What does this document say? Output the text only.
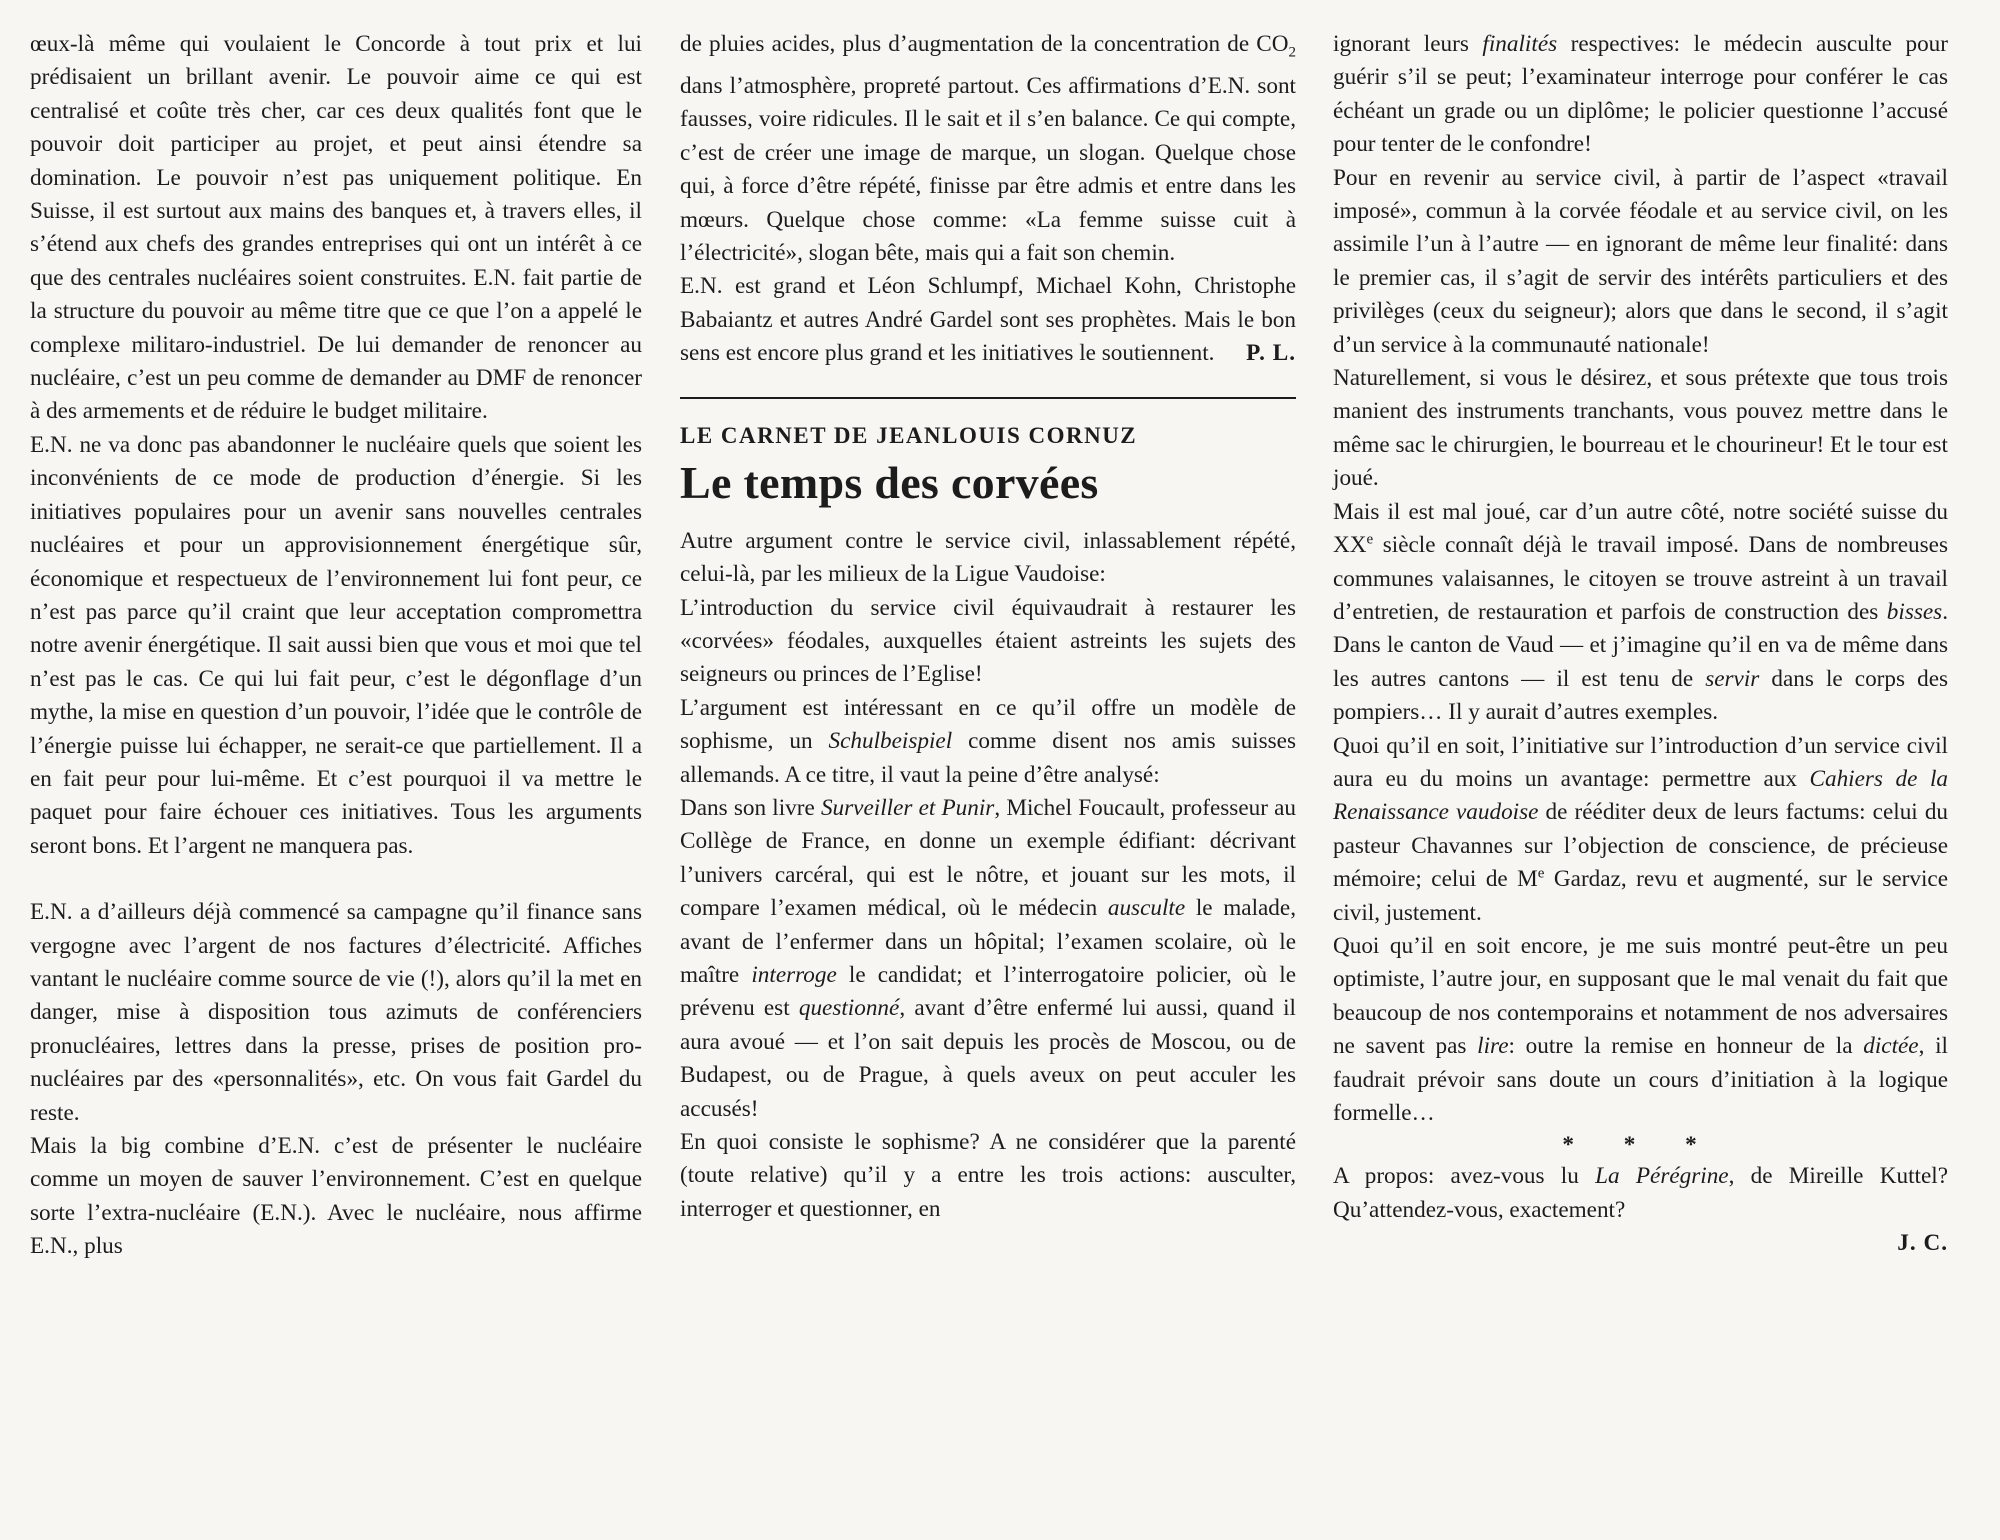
œux-là même qui voulaient le Concorde à tout prix et lui prédisaient un brillant avenir. Le pouvoir aime ce qui est centralisé et coûte très cher, car ces deux qualités font que le pouvoir doit participer au projet, et peut ainsi étendre sa domination. Le pouvoir n’est pas uniquement politique. En Suisse, il est surtout aux mains des banques et, à travers elles, il s’étend aux chefs des grandes entreprises qui ont un intérêt à ce que des centrales nucléaires soient construites. E.N. fait partie de la structure du pouvoir au même titre que ce que l’on a appelé le complexe militaro-industriel. De lui demander de renoncer au nucléaire, c’est un peu comme de demander au DMF de renoncer à des armements et de réduire le budget militaire.

E.N. ne va donc pas abandonner le nucléaire quels que soient les inconvénients de ce mode de production d’énergie. Si les initiatives populaires pour un avenir sans nouvelles centrales nucléaires et pour un approvisionnement énergétique sûr, économique et respectueux de l’environnement lui font peur, ce n’est pas parce qu’il craint que leur acceptation compromettra notre avenir énergétique. Il sait aussi bien que vous et moi que tel n’est pas le cas. Ce qui lui fait peur, c’est le dégonflage d’un mythe, la mise en question d’un pouvoir, l’idée que le contrôle de l’énergie puisse lui échapper, ne serait-ce que partiellement. Il a en fait peur pour lui-même. Et c’est pourquoi il va mettre le paquet pour faire échouer ces initiatives. Tous les arguments seront bons. Et l’argent ne manquera pas.

E.N. a d’ailleurs déjà commencé sa campagne qu’il finance sans vergogne avec l’argent de nos factures d’électricité. Affiches vantant le nucléaire comme source de vie (!), alors qu’il la met en danger, mise à disposition tous azimuts de conférenciers pronucléaires, lettres dans la presse, prises de position pro-nucléaires par des «personnalités», etc. On vous fait Gardel du reste.

Mais la big combine d’E.N. c’est de présenter le nucléaire comme un moyen de sauver l’environnement. C’est en quelque sorte l’extra-nucléaire (E.N.). Avec le nucléaire, nous affirme E.N., plus

de pluies acides, plus d’augmentation de la concentration de $CO_2$ dans l’atmosphère, propreté partout. Ces affirmations d’E.N. sont fausses, voire ridicules. Il le sait et il s’en balance. Ce qui compte, c’est de créer une image de marque, un slogan. Quelque chose qui, à force d’être répété, finisse par être admis et entre dans les mœurs. Quelque chose comme: «La femme suisse cuit à l’électricité», slogan bête, mais qui a fait son chemin.

E.N. est grand et Léon Schlumpf, Michael Kohn, Christophe Babaiantz et autres André Gardel sont ses prophètes. Mais le bon sens est encore plus grand et les initiatives le soutiennent. P. L.

LE CARNET DE JEANLOUIS CORNUZ
Le temps des corvées

Autre argument contre le service civil, inlassablement répété, celui-là, par les milieux de la Ligue Vaudoise:

L’introduction du service civil équivaudrait à restaurer les «corvées» féodales, auxquelles étaient astreints les sujets des seigneurs ou princes de l’Eglise!

L’argument est intéressant en ce qu’il offre un modèle de sophisme, un Schulbeispiel comme disent nos amis suisses allemands. A ce titre, il vaut la peine d’être analysé:

Dans son livre Surveiller et Punir, Michel Foucault, professeur au Collège de France, en donne un exemple édifiant: décrivant l’univers carcéral, qui est le nôtre, et jouant sur les mots, il compare l’examen médical, où le médecin ausculte le malade, avant de l’enfermer dans un hôpital; l’examen scolaire, où le maître interroge le candidat; et l’interrogatoire policier, où le prévenu est questionné, avant d’être enfermé lui aussi, quand il aura avoué — et l’on sait depuis les procès de Moscou, ou de Budapest, ou de Prague, à quels aveux on peut acculer les accusés!

En quoi consiste le sophisme? A ne considérer que la parenté (toute relative) qu’il y a entre les trois actions: ausculter, interroger et questionner, en

ignorant leurs finalités respectives: le médecin ausculte pour guérir s’il se peut; l’examinateur interroge pour conférer le cas échéant un grade ou un diplôme; le policier questionne l’accusé pour tenter de le confondre!

Pour en revenir au service civil, à partir de l’aspect «travail imposé», commun à la corvée féodale et au service civil, on les assimile l’un à l’autre — en ignorant de même leur finalité: dans le premier cas, il s’agit de servir des intérêts particuliers et des privilèges (ceux du seigneur); alors que dans le second, il s’agit d’un service à la communauté nationale!

Naturellement, si vous le désirez, et sous prétexte que tous trois manient des instruments tranchants, vous pouvez mettre dans le même sac le chirurgien, le bourreau et le chourineur! Et le tour est joué.

Mais il est mal joué, car d’un autre côté, notre société suisse du XXe siècle connaît déjà le travail imposé. Dans de nombreuses communes valaisannes, le citoyen se trouve astreint à un travail d’entretien, de restauration et parfois de construction des bisses. Dans le canton de Vaud — et j’imagine qu’il en va de même dans les autres cantons — il est tenu de servir dans le corps des pompiers… Il y aurait d’autres exemples.

Quoi qu’il en soit, l’initiative sur l’introduction d’un service civil aura eu du moins un avantage: permettre aux Cahiers de la Renaissance vaudoise de rééditer deux de leurs factums: celui du pasteur Chavannes sur l’objection de conscience, de précieuse mémoire; celui de Me Gardaz, revu et augmenté, sur le service civil, justement.

Quoi qu’il en soit encore, je me suis montré peut-être un peu optimiste, l’autre jour, en supposant que le mal venait du fait que beaucoup de nos contemporains et notamment de nos adversaires ne savent pas lire: outre la remise en honneur de la dictée, il faudrait prévoir sans doute un cours d’initiation à la logique formelle…

* * *

A propos: avez-vous lu La Pérégrine, de Mireille Kuttel? Qu’attendez-vous, exactement?

J. C.
